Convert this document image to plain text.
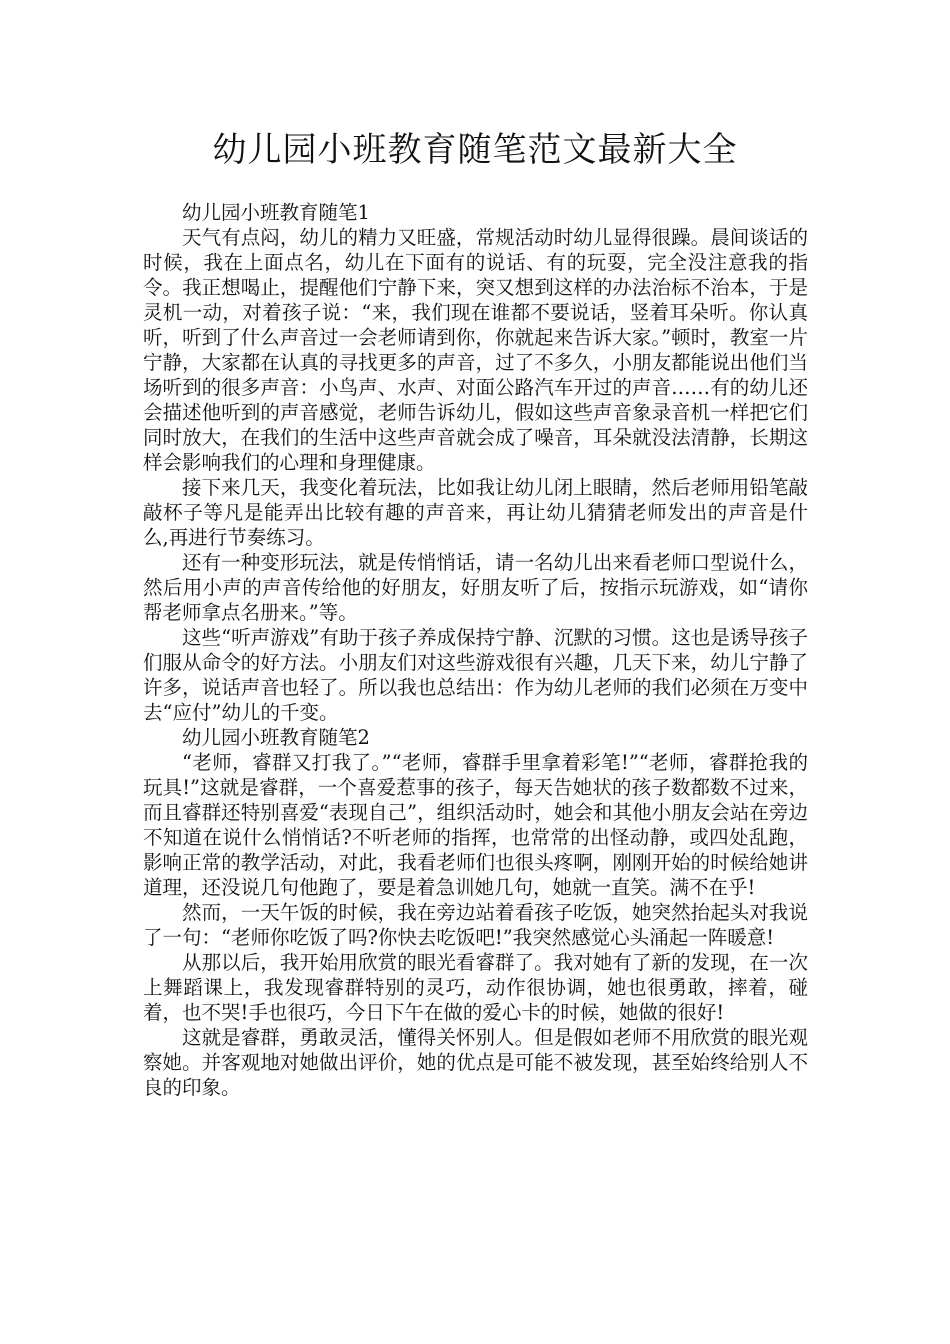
幼儿园小班教育随笔范文最新大全

幼儿园小班教育随笔1

天气有点闷，幼儿的精力又旺盛，常规活动时幼儿显得很躁。晨间谈话的时候，我在上面点名，幼儿在下面有的说话、有的玩耍，完全没注意我的指令。我正想喝止，提醒他们宁静下来，突又想到这样的办法治标不治本，于是灵机一动，对着孩子说：“来，我们现在谁都不要说话，竖着耳朵听。你认真听，听到了什么声音过一会老师请到你，你就起来告诉大家。”顿时，教室一片宁静，大家都在认真的寻找更多的声音，过了不多久，小朋友都能说出他们当场听到的很多声音：小鸟声、水声、对面公路汽车开过的声音……有的幼儿还会描述他听到的声音感觉，老师告诉幼儿，假如这些声音象录音机一样把它们同时放大，在我们的生活中这些声音就会成了噪音，耳朵就没法清静，长期这样会影响我们的心理和身理健康。

接下来几天，我变化着玩法，比如我让幼儿闭上眼睛，然后老师用铅笔敲敲杯子等凡是能弄出比较有趣的声音来，再让幼儿猜猜老师发出的声音是什么,再进行节奏练习。

还有一种变形玩法，就是传悄悄话，请一名幼儿出来看老师口型说什么，然后用小声的声音传给他的好朋友，好朋友听了后，按指示玩游戏，如“请你帮老师拿点名册来。”等。

这些“听声游戏”有助于孩子养成保持宁静、沉默的习惯。这也是诱导孩子们服从命令的好方法。小朋友们对这些游戏很有兴趣，几天下来，幼儿宁静了许多，说话声音也轻了。所以我也总结出：作为幼儿老师的我们必须在万变中去“应付”幼儿的千变。

幼儿园小班教育随笔2

“老师，睿群又打我了。”“老师，睿群手里拿着彩笔!”“老师，睿群抢我的玩具!”这就是睿群，一个喜爱惹事的孩子，每天告她状的孩子数都数不过来，而且睿群还特别喜爱“表现自己”，组织活动时，她会和其他小朋友会站在旁边不知道在说什么悄悄话?不听老师的指挥，也常常的出怪动静，或四处乱跑，影响正常的教学活动，对此，我看老师们也很头疼啊，刚刚开始的时候给她讲道理，还没说几句他跑了，要是着急训她几句，她就一直笑。满不在乎!

然而，一天午饭的时候，我在旁边站着看孩子吃饭，她突然抬起头对我说了一句：“老师你吃饭了吗?你快去吃饭吧!”我突然感觉心头涌起一阵暖意!

从那以后，我开始用欣赏的眼光看睿群了。我对她有了新的发现，在一次上舞蹈课上，我发现睿群特别的灵巧，动作很协调，她也很勇敢，摔着，碰着，也不哭!手也很巧，今日下午在做的爱心卡的时候，她做的很好!

这就是睿群，勇敢灵活，懂得关怀别人。但是假如老师不用欣赏的眼光观察她。并客观地对她做出评价，她的优点是可能不被发现，甚至始终给别人不良的印象。
